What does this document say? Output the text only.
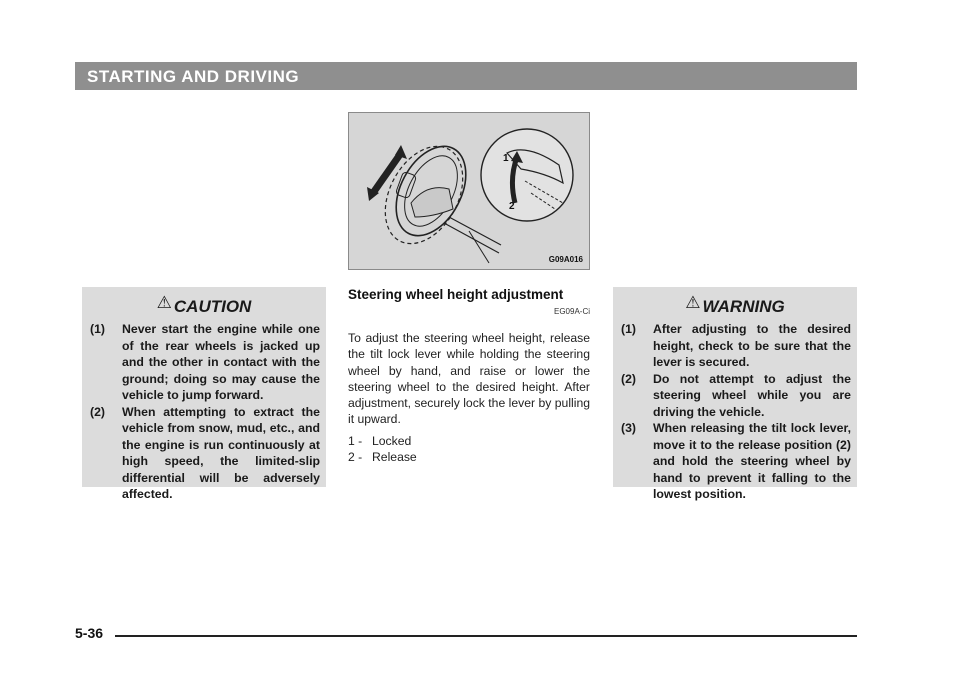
STARTING AND DRIVING
1
2
G09A016
⚠ CAUTION
(1) Never start the engine while one of the rear wheels is jacked up and the other in contact with the ground; doing so may cause the vehicle to jump forward.
(2) When attempting to extract the vehicle from snow, mud, etc., and the engine is run continuously at high speed, the limited-slip differential will be adversely affected.
Steering wheel height adjustment
EG09A-Ci
To adjust the steering wheel height, release the tilt lock lever while holding the steering wheel by hand, and raise or lower the steering wheel to the desired height. After adjustment, securely lock the lever by pulling it upward.
1 - Locked
2 - Release
⚠ WARNING
(1) After adjusting to the desired height, check to be sure that the lever is secured.
(2) Do not attempt to adjust the steering wheel while you are driving the vehicle.
(3) When releasing the tilt lock lever, move it to the release position (2) and hold the steering wheel by hand to prevent it falling to the lowest position.
5-36
